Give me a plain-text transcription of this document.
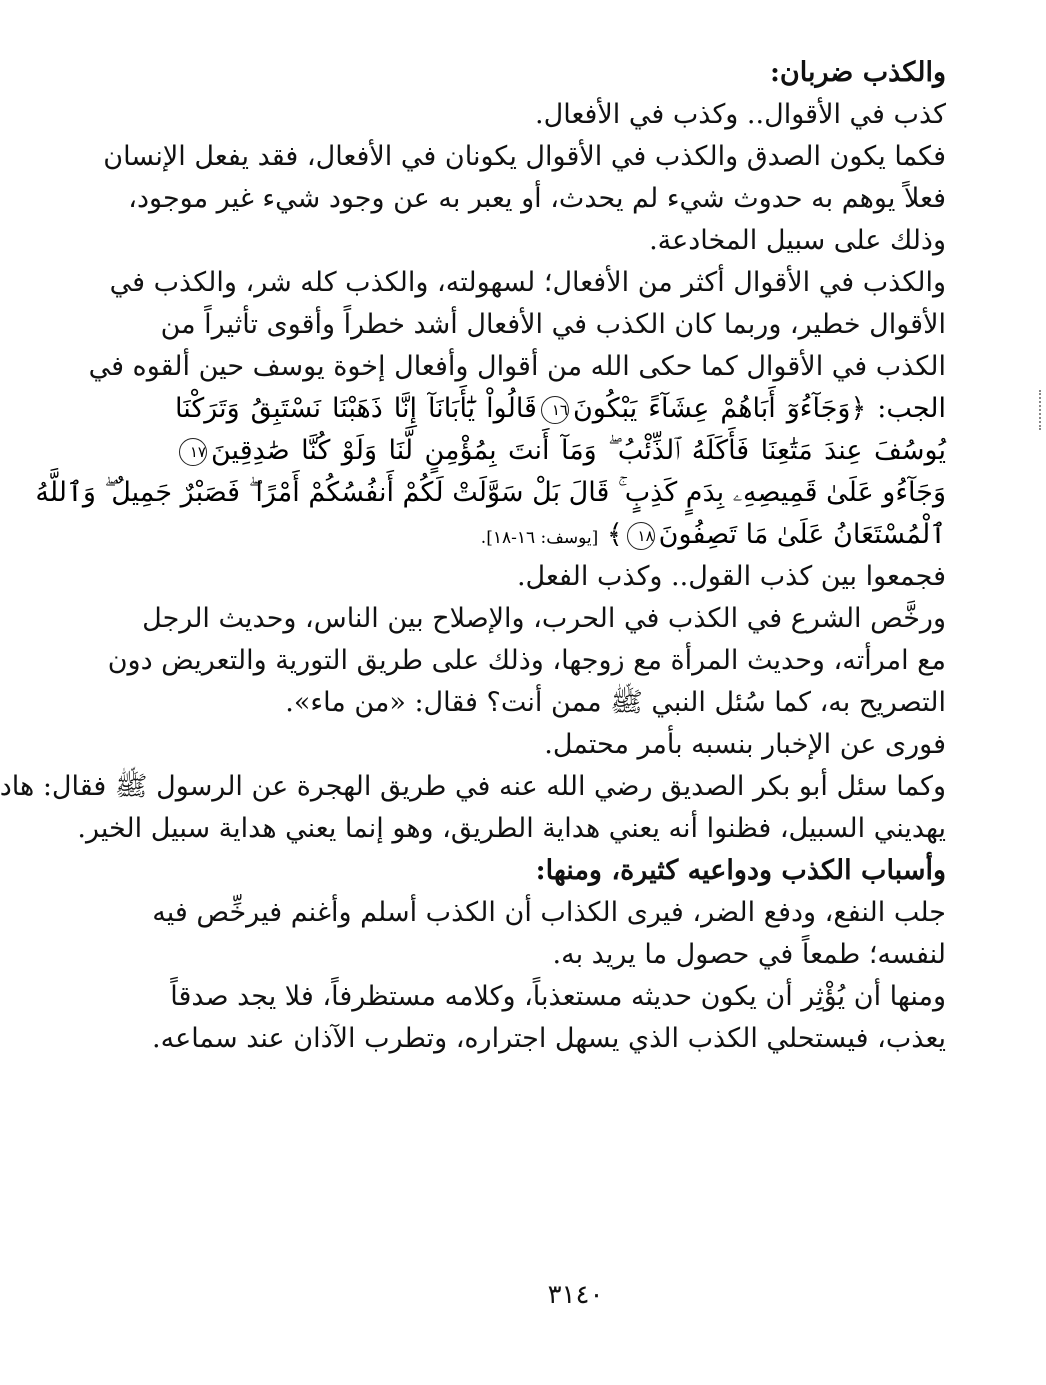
والكذب ضربان:
كذب في الأقوال.. وكذب في الأفعال.
فكما يكون الصدق والكذب في الأقوال يكونان في الأفعال، فقد يفعل الإنسان
فعلاً يوهم به حدوث شيء لم يحدث، أو يعبر به عن وجود شيء غير موجود،
وذلك على سبيل المخادعة.
والكذب في الأقوال أكثر من الأفعال؛ لسهولته، والكذب كله شر، والكذب في
الأقوال خطير، وربما كان الكذب في الأفعال أشد خطراً وأقوى تأثيراً من
الكذب في الأقوال كما حكى الله من أقوال وأفعال إخوة يوسف حين ألقوه في
الجب: ﴿وَجَآءُوٓ أَبَاهُمْ عِشَآءً يَبْكُونَ١٦قَالُواْ يَٰٓأَبَانَآ إِنَّا ذَهَبْنَا نَسْتَبِقُ وَتَرَكْنَا
يُوسُفَ عِندَ مَتَٰعِنَا فَأَكَلَهُ ٱلذِّئْبُ ۖ وَمَآ أَنتَ بِمُؤْمِنٍ لَّنَا وَلَوْ كُنَّا صَٰدِقِينَ١٧
وَجَآءُو عَلَىٰ قَمِيصِهِۦ بِدَمٍ كَذِبٍ ۚ قَالَ بَلْ سَوَّلَتْ لَكُمْ أَنفُسُكُمْ أَمْرًا ۖ فَصَبْرٌ جَمِيلٌ ۖ وَٱللَّهُ
ٱلْمُسْتَعَانُ عَلَىٰ مَا تَصِفُونَ١٨﴾ [يوسف: ١٦-١٨].
فجمعوا بين كذب القول.. وكذب الفعل.
ورخَّص الشرع في الكذب في الحرب، والإصلاح بين الناس، وحديث الرجل
مع امرأته، وحديث المرأة مع زوجها، وذلك على طريق التورية والتعريض دون
التصريح به، كما سُئل النبي ﷺ ممن أنت؟ فقال: «من ماء».
فورى عن الإخبار بنسبه بأمر محتمل.
وكما سئل أبو بكر الصديق رضي الله عنه في طريق الهجرة عن الرسول ﷺ فقال: هاد
يهديني السبيل، فظنوا أنه يعني هداية الطريق، وهو إنما يعني هداية سبيل الخير.
وأسباب الكذب ودواعيه كثيرة، ومنها:
جلب النفع، ودفع الضر، فيرى الكذاب أن الكذب أسلم وأغنم فيرخِّص فيه
لنفسه؛ طمعاً في حصول ما يريد به.
ومنها أن يُؤْثِر أن يكون حديثه مستعذباً، وكلامه مستظرفاً، فلا يجد صدقاً
يعذب، فيستحلي الكذب الذي يسهل اجتراره، وتطرب الآذان عند سماعه.
٣١٤٠
